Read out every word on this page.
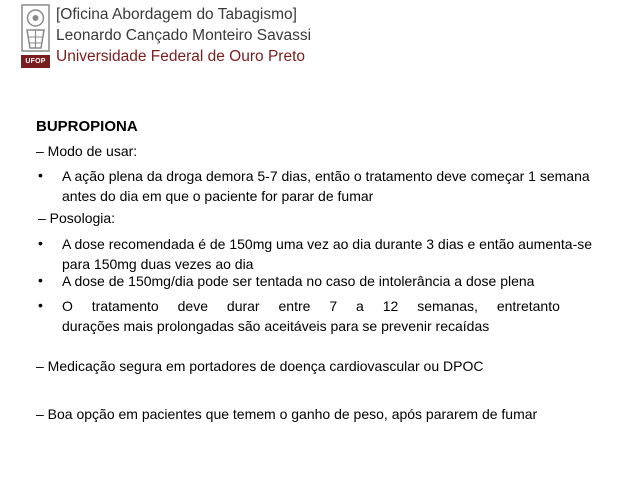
UFOP
[Oficina Abordagem do Tabagismo]
Leonardo Cançado Monteiro Savassi
Universidade Federal de Ouro Preto
BUPROPIONA
– Modo de usar:
• A ação plena da droga demora 5-7 dias, então o tratamento deve começar 1 semana antes do dia em que o paciente for parar de fumar
– Posologia:
• A dose recomendada é de 150mg uma vez ao dia durante 3 dias e então aumenta-se para 150mg duas vezes ao dia
• A dose de 150mg/dia pode ser tentada no caso de intolerância a dose plena
• O tratamento deve durar entre 7 a 12 semanas, entretanto
durações mais prolongadas são aceitáveis para se prevenir recaídas
– Medicação segura em portadores de doença cardiovascular ou DPOC
– Boa opção em pacientes que temem o ganho de peso, após pararem de fumar
